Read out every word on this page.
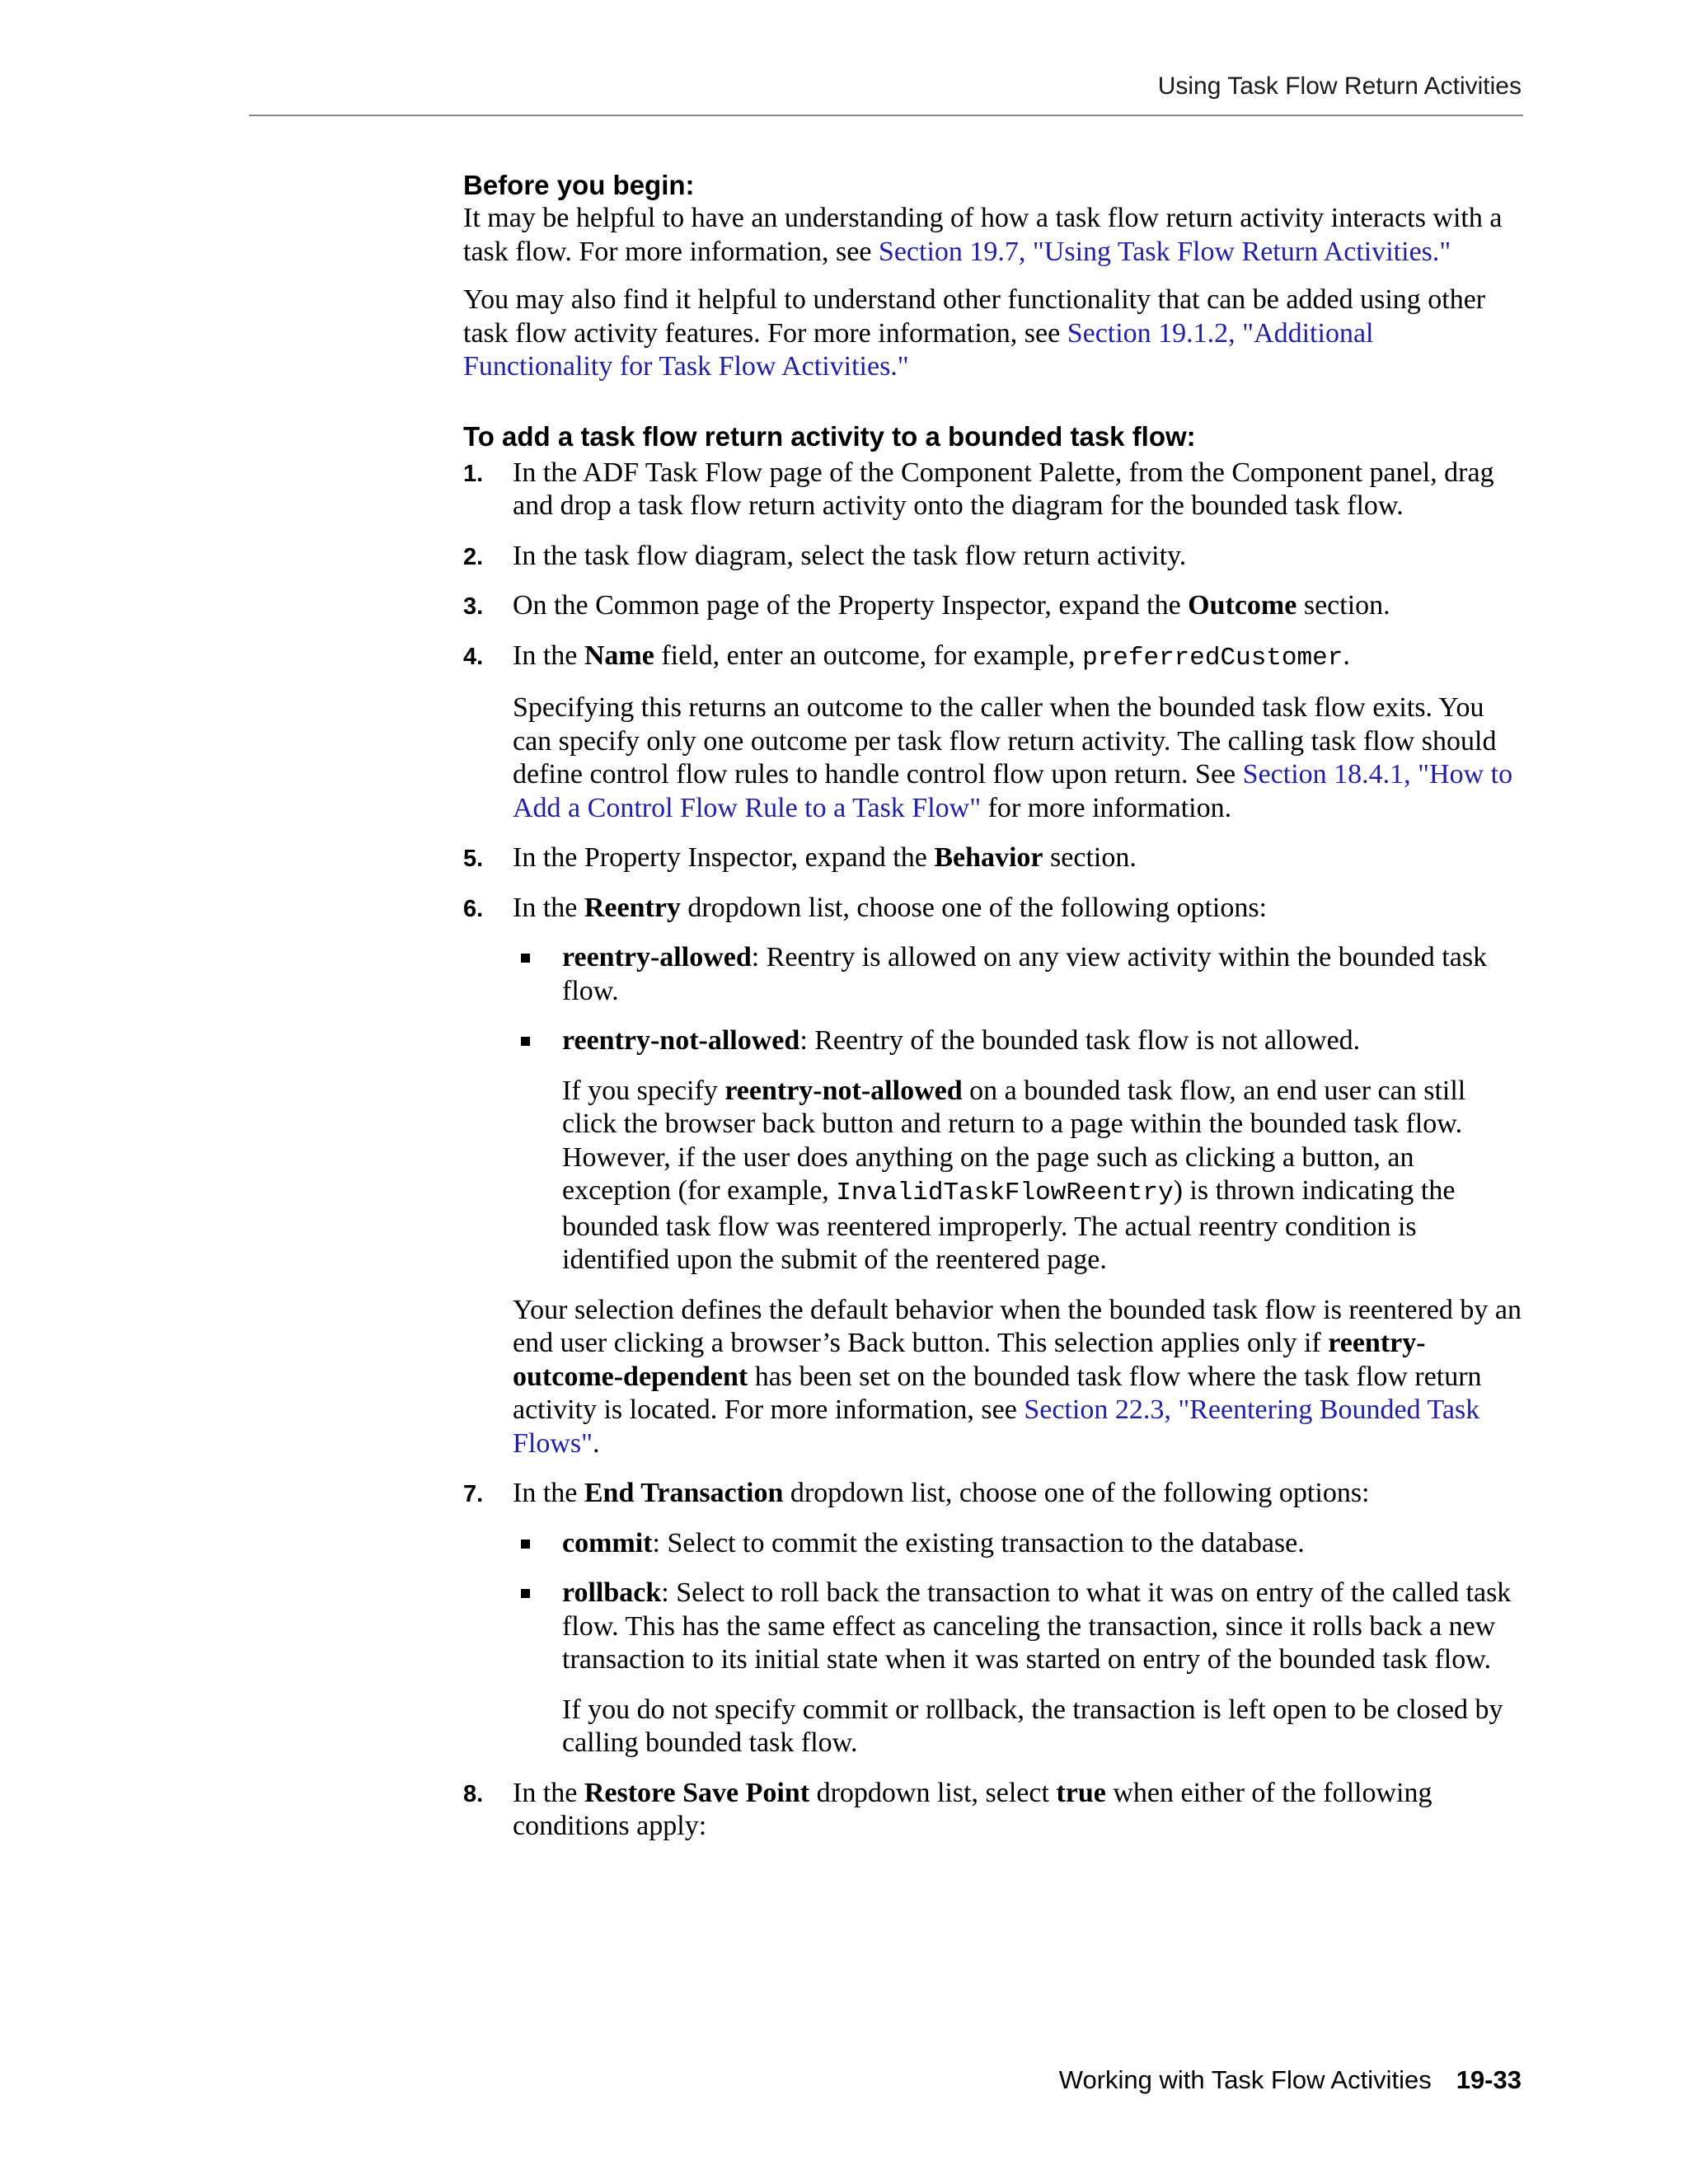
Using Task Flow Return Activities
Before you begin:

It may be helpful to have an understanding of how a task flow return activity interacts with a task flow. For more information, see Section 19.7, "Using Task Flow Return Activities."

You may also find it helpful to understand other functionality that can be added using other task flow activity features. For more information, see Section 19.1.2, "Additional Functionality for Task Flow Activities."

To add a task flow return activity to a bounded task flow:
1. In the ADF Task Flow page of the Component Palette, from the Component panel, drag and drop a task flow return activity onto the diagram for the bounded task flow.

2. In the task flow diagram, select the task flow return activity.

3. On the Common page of the Property Inspector, expand the Outcome section.

4. In the Name field, enter an outcome, for example, preferredCustomer.

Specifying this returns an outcome to the caller when the bounded task flow exits. You can specify only one outcome per task flow return activity. The calling task flow should define control flow rules to handle control flow upon return. See Section 18.4.1, "How to Add a Control Flow Rule to a Task Flow" for more information.

5. In the Property Inspector, expand the Behavior section.

6. In the Reentry dropdown list, choose one of the following options:

reentry-allowed: Reentry is allowed on any view activity within the bounded task flow.

reentry-not-allowed: Reentry of the bounded task flow is not allowed.

If you specify reentry-not-allowed on a bounded task flow, an end user can still click the browser back button and return to a page within the bounded task flow. However, if the user does anything on the page such as clicking a button, an exception (for example, InvalidTaskFlowReentry) is thrown indicating the bounded task flow was reentered improperly. The actual reentry condition is identified upon the submit of the reentered page.

Your selection defines the default behavior when the bounded task flow is reentered by an end user clicking a browser’s Back button. This selection applies only if reentry-outcome-dependent has been set on the bounded task flow where the task flow return activity is located. For more information, see Section 22.3, "Reentering Bounded Task Flows".

7. In the End Transaction dropdown list, choose one of the following options:

commit: Select to commit the existing transaction to the database.

rollback: Select to roll back the transaction to what it was on entry of the called task flow. This has the same effect as canceling the transaction, since it rolls back a new transaction to its initial state when it was started on entry of the bounded task flow.

If you do not specify commit or rollback, the transaction is left open to be closed by calling bounded task flow.

8. In the Restore Save Point dropdown list, select true when either of the following conditions apply:

Working with Task Flow Activities 19-33
